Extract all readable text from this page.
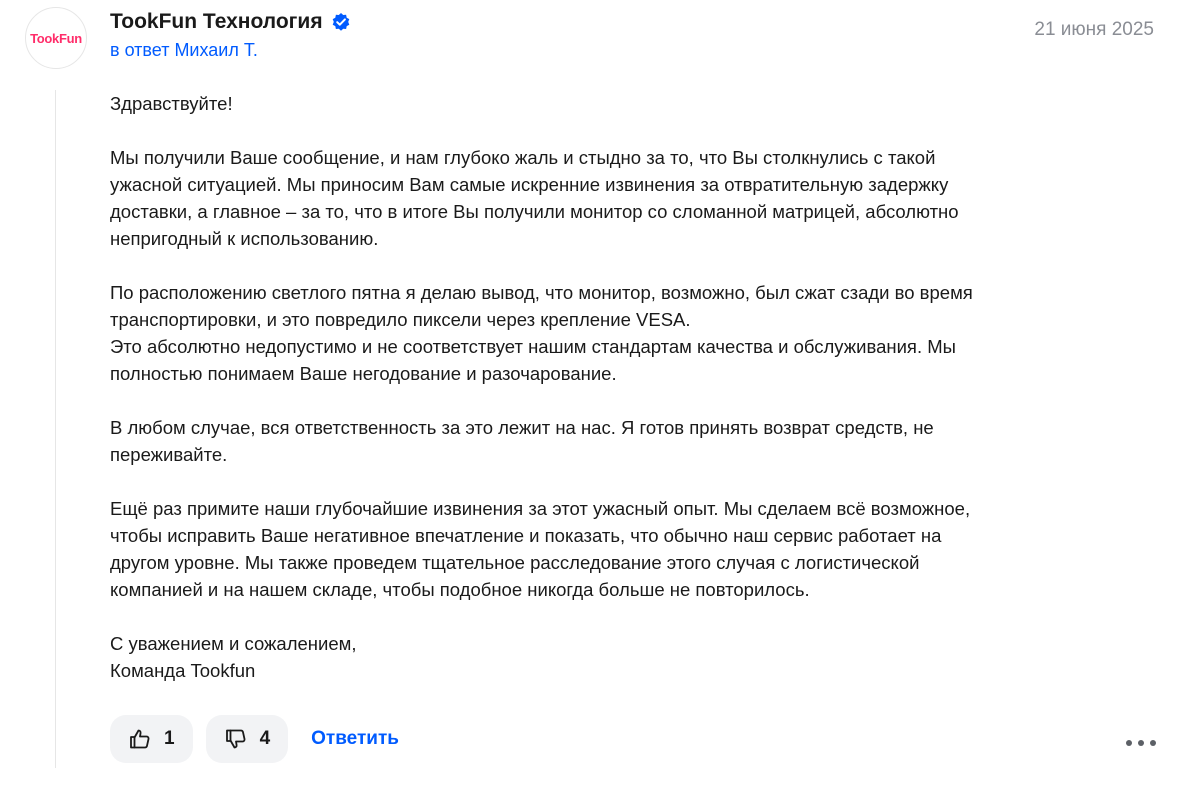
TookFun
TookFun Технология
в ответ Михаил Т.
21 июня 2025

Здравствуйте!

Мы получили Ваше сообщение, и нам глубоко жаль и стыдно за то, что Вы столкнулись с такой
ужасной ситуацией. Мы приносим Вам самые искренние извинения за отвратительную задержку
доставки, а главное – за то, что в итоге Вы получили монитор со сломанной матрицей, абсолютно
непригодный к использованию.

По расположению светлого пятна я делаю вывод, что монитор, возможно, был сжат сзади во время
транспортировки, и это повредило пиксели через крепление VESA.
Это абсолютно недопустимо и не соответствует нашим стандартам качества и обслуживания. Мы
полностью понимаем Ваше негодование и разочарование.

В любом случае, вся ответственность за это лежит на нас. Я готов принять возврат средств, не
переживайте.

Ещё раз примите наши глубочайшие извинения за этот ужасный опыт. Мы сделаем всё возможное,
чтобы исправить Ваше негативное впечатление и показать, что обычно наш сервис работает на
другом уровне. Мы также проведем тщательное расследование этого случая с логистической
компанией и на нашем складе, чтобы подобное никогда больше не повторилось.

С уважением и сожалением,
Команда Tookfun

1	4 Ответить
